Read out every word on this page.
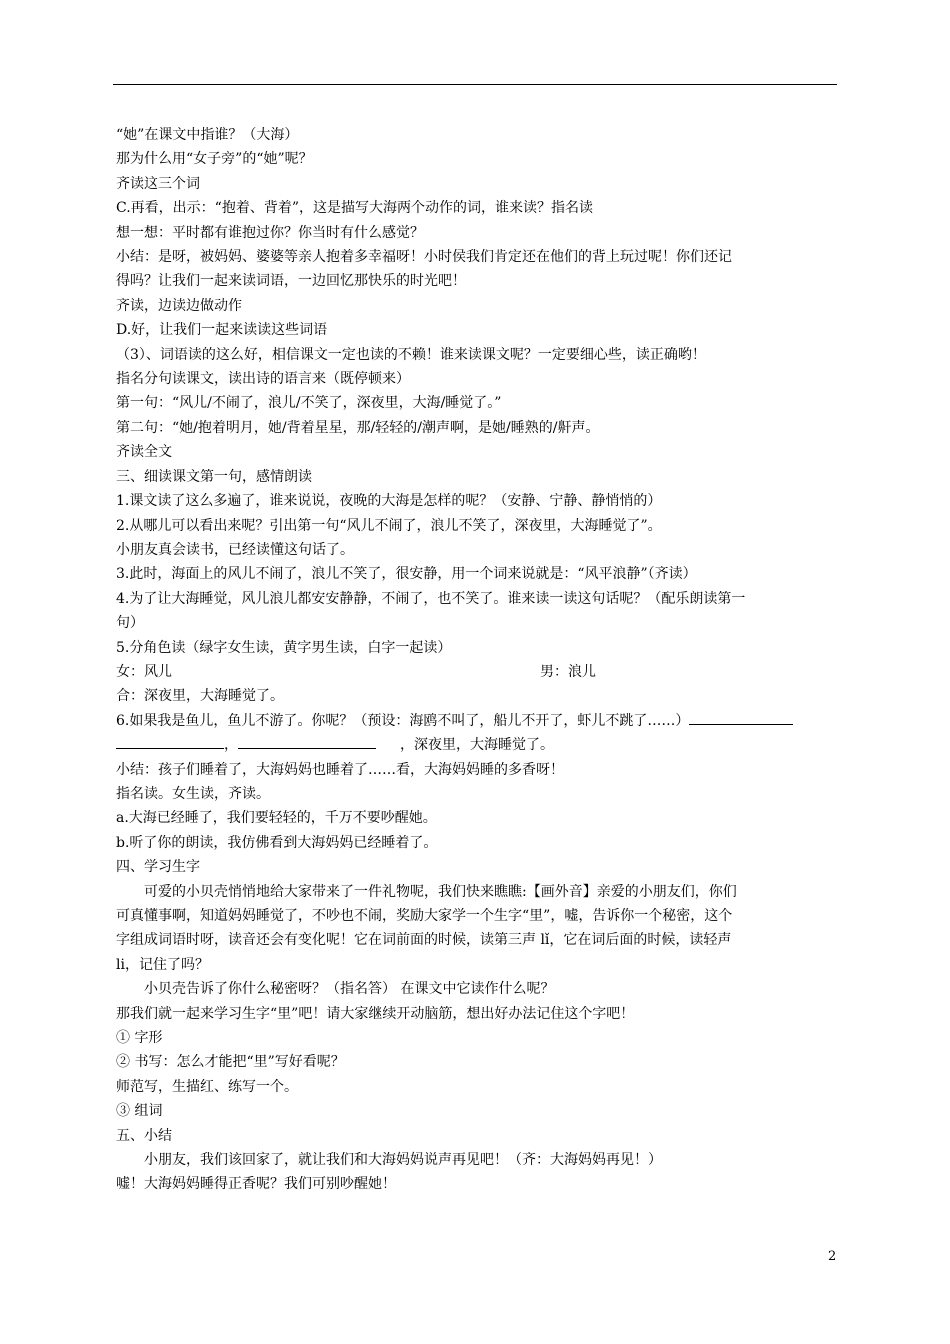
“她”在课文中指谁？（大海）
那为什么用“女子旁”的“她”呢？
齐读这三个词
C.再看，出示：“抱着、背着”，这是描写大海两个动作的词，谁来读？指名读
想一想：平时都有谁抱过你？你当时有什么感觉？
小结：是呀，被妈妈、婆婆等亲人抱着多幸福呀！小时侯我们肯定还在他们的背上玩过呢！你们还记
得吗？让我们一起来读词语，一边回忆那快乐的时光吧！
齐读，边读边做动作
D.好，让我们一起来读读这些词语
（3）、词语读的这么好，相信课文一定也读的不赖！谁来读课文呢？一定要细心些，读正确哟！
指名分句读课文，读出诗的语言来（既停顿来）
第一句：“风儿/不闹了，浪儿/不笑了，深夜里，大海/睡觉了。”
第二句：“她/抱着明月，她/背着星星，那/轻轻的/潮声啊，是她/睡熟的/鼾声。
齐读全文
三、细读课文第一句，感情朗读
1.课文读了这么多遍了，谁来说说，夜晚的大海是怎样的呢？（安静、宁静、静悄悄的）
2.从哪儿可以看出来呢？引出第一句“风儿不闹了，浪儿不笑了，深夜里，大海睡觉了”。
小朋友真会读书，已经读懂这句话了。
3.此时，海面上的风儿不闹了，浪儿不笑了，很安静，用一个词来说就是：“风平浪静”（齐读）
4.为了让大海睡觉，风儿浪儿都安安静静，不闹了，也不笑了。谁来读一读这句话呢？（配乐朗读第一
句）
5.分角色读（绿字女生读，黄字男生读，白字一起读）
女：风儿	男：浪儿
合：深夜里，大海睡觉了。
6.如果我是鱼儿，鱼儿不游了。你呢？（预设：海鸥不叫了，船儿不开了，虾儿不跳了……）
，	，深夜里，大海睡觉了。
小结：孩子们睡着了，大海妈妈也睡着了……看，大海妈妈睡的多香呀！
指名读。女生读，齐读。
a.大海已经睡了，我们要轻轻的，千万不要吵醒她。
b.听了你的朗读，我仿佛看到大海妈妈已经睡着了。
四、学习生字
可爱的小贝壳悄悄地给大家带来了一件礼物呢，我们快来瞧瞧:【画外音】亲爱的小朋友们，你们
可真懂事啊，知道妈妈睡觉了，不吵也不闹，奖励大家学一个生字“里”，嘘，告诉你一个秘密，这个
字组成词语时呀，读音还会有变化呢！它在词前面的时候，读第三声 lǐ，它在词后面的时候，读轻声
li，记住了吗？
小贝壳告诉了你什么秘密呀？（指名答） 在课文中它读作什么呢？
那我们就一起来学习生字“里”吧！请大家继续开动脑筋，想出好办法记住这个字吧！
① 字形
② 书写：怎么才能把“里”写好看呢？
师范写，生描红、练写一个。
③ 组词
五、小结
小朋友，我们该回家了，就让我们和大海妈妈说声再见吧！（齐：大海妈妈再见！）
嘘！大海妈妈睡得正香呢？我们可别吵醒她！
2
